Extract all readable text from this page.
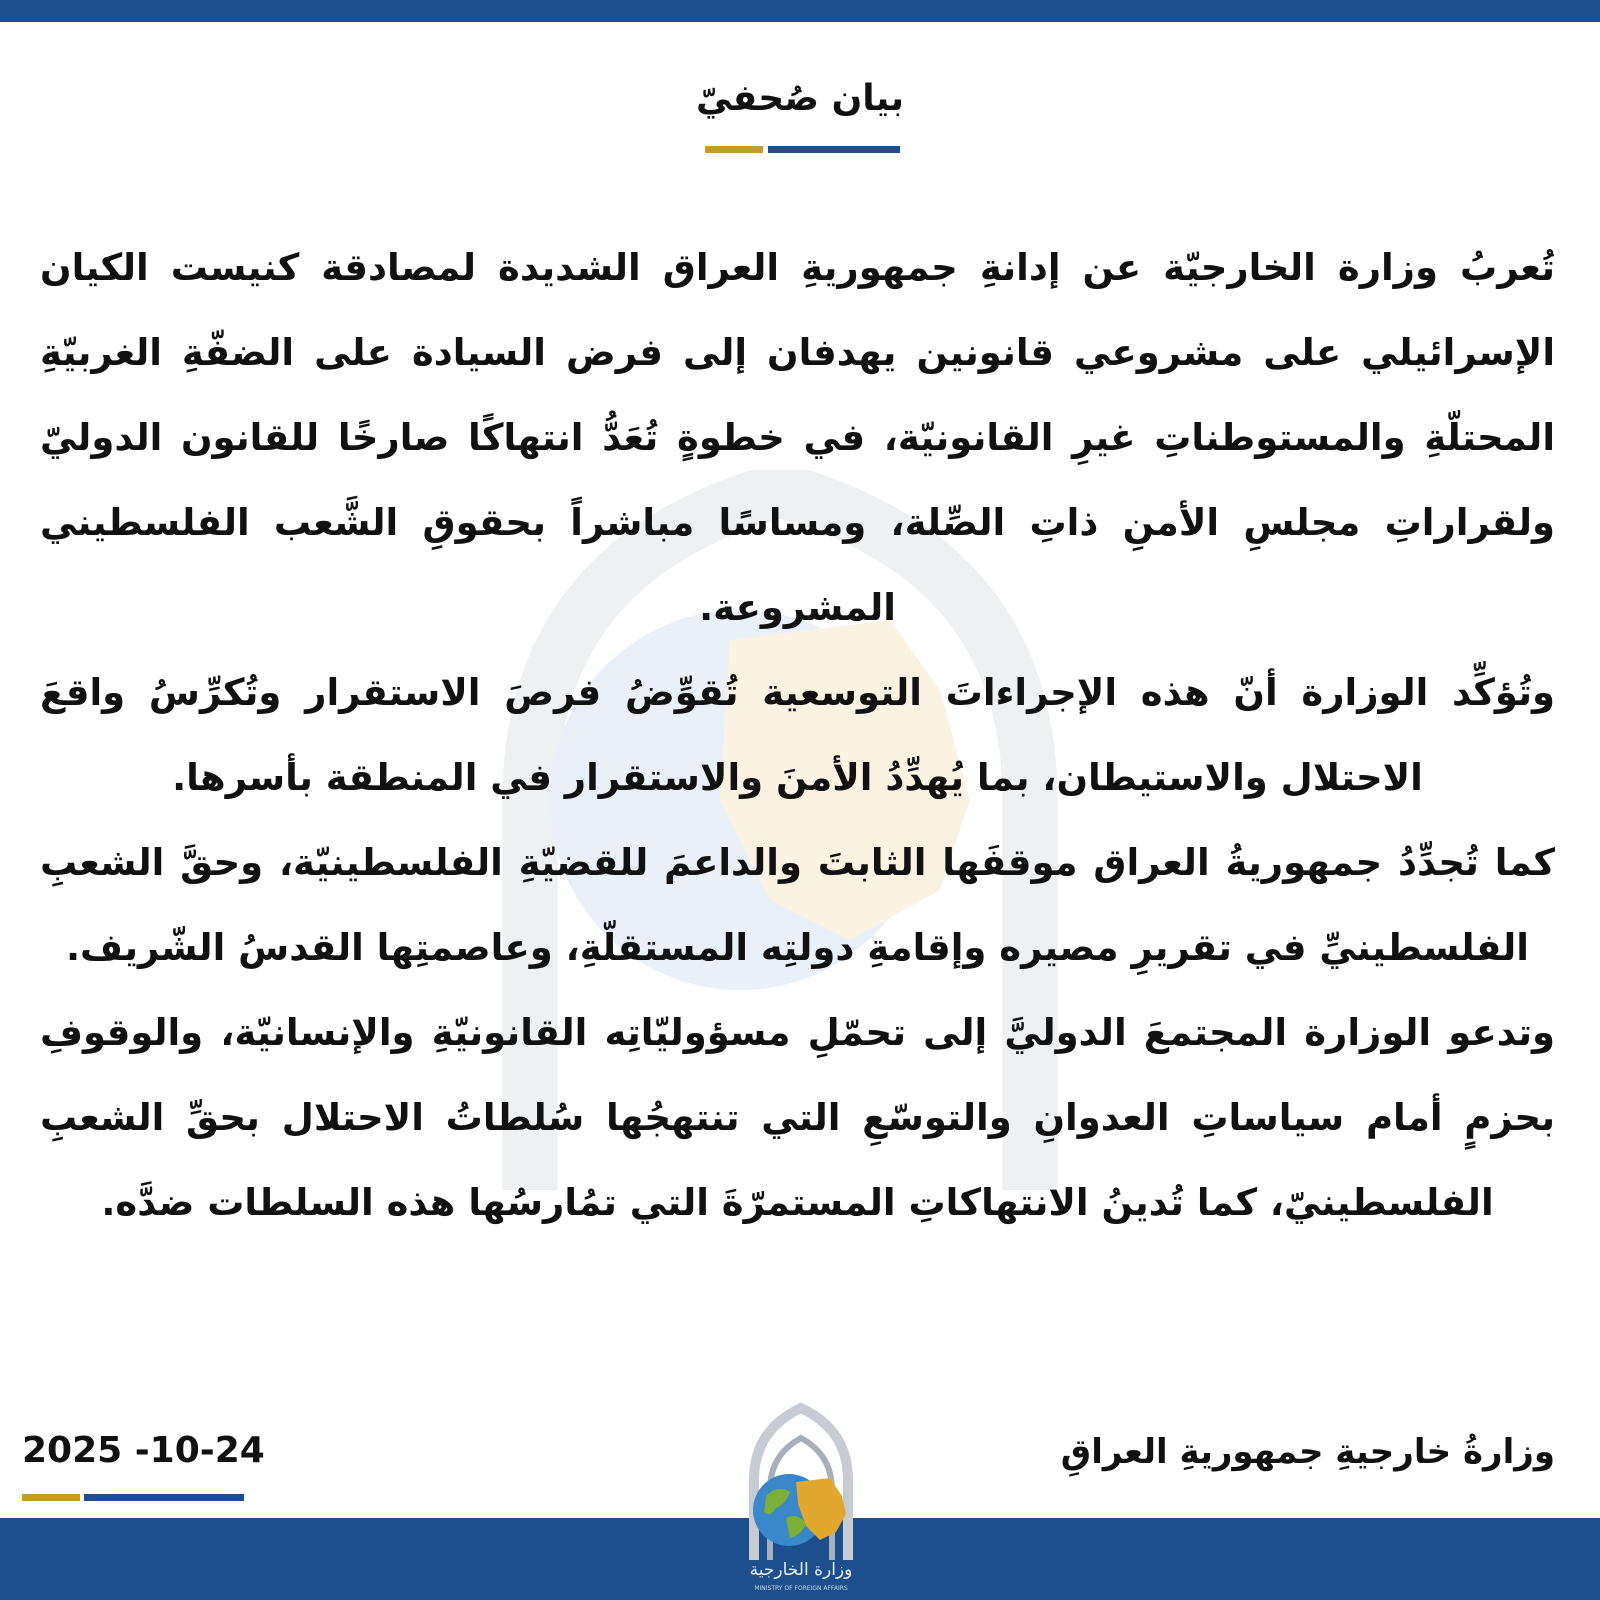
بيان صُحفيّ

تُعربُ وزارة الخارجيّة عن إدانةِ جمهوريةِ العراق الشديدة لمصادقة كنيست الكيان الإسرائيلي على مشروعي قانونين يهدفان إلى فرض السيادة على الضفّةِ الغربيّةِ المحتلّةِ والمستوطناتِ غيرِ القانونيّة، في خطوةٍ تُعَدُّ انتهاكًا صارخًا للقانون الدوليّ ولقراراتِ مجلسِ الأمنِ ذاتِ الصِّلة، ومساسًا مباشراً بحقوقِ الشَّعب الفلسطيني المشروعة.

وتُؤكِّد الوزارة أنّ هذه الإجراءاتَ التوسعية تُقوِّضُ فرصَ الاستقرار وتُكرِّسُ واقعَ الاحتلال والاستيطان، بما يُهدِّدُ الأمنَ والاستقرار في المنطقة بأسرها.

كما تُجدِّدُ جمهوريةُ العراق موقفَها الثابتَ والداعمَ للقضيّةِ الفلسطينيّة، وحقَّ الشعبِ الفلسطينيِّ في تقريرِ مصيره وإقامةِ دولتِه المستقلّةِ، وعاصمتِها القدسُ الشّريف.

وتدعو الوزارة المجتمعَ الدوليَّ إلى تحمّلِ مسؤوليّاتِه القانونيّةِ والإنسانيّة، والوقوفِ بحزمٍ أمام سياساتِ العدوانِ والتوسّعِ التي تنتهجُها سُلطاتُ الاحتلال بحقِّ الشعبِ الفلسطينيّ، كما تُدينُ الانتهاكاتِ المستمرّةَ التي تمُارسُها هذه السلطات ضدَّه.

وزارةُ خارجيةِ جمهوريةِ العراقِ
2025 -10-24
وزارة الخارجية
MINISTRY OF FOREIGN AFFAIRS
